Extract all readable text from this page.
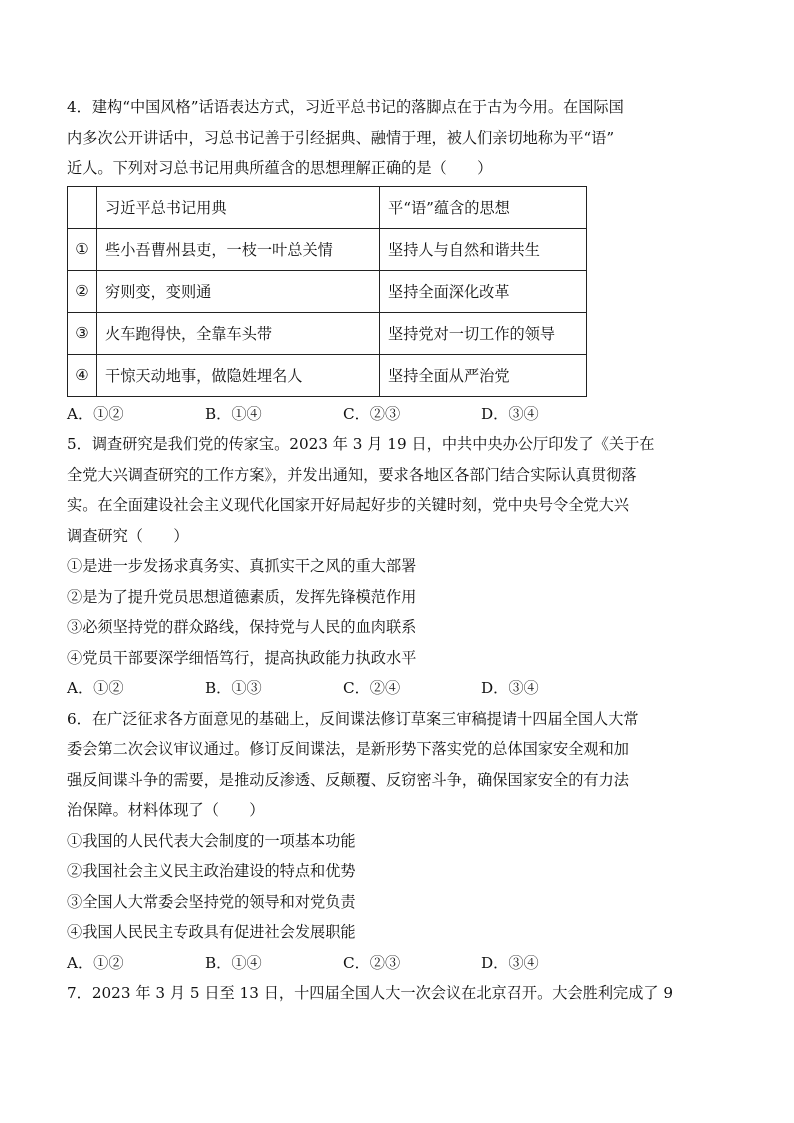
4．建构“中国风格”话语表达方式，习近平总书记的落脚点在于古为今用。在国际国

内多次公开讲话中，习总书记善于引经据典、融情于理，被人们亲切地称为平“语”

近人。下列对习总书记用典所蕴含的思想理解正确的是（　　）

	习近平总书记用典	平“语”蕴含的思想
①	些小吾曹州县吏，一枝一叶总关情	坚持人与自然和谐共生
②	穷则变，变则通	坚持全面深化改革
③	火车跑得快，全靠车头带	坚持党对一切工作的领导
④	干惊天动地事，做隐姓埋名人	坚持全面从严治党
A．①②	B．①④	C．②③	D．③④

5．调查研究是我们党的传家宝。2023 年 3 月 19 日，中共中央办公厅印发了《关于在

全党大兴调查研究的工作方案》，并发出通知，要求各地区各部门结合实际认真贯彻落

实。在全面建设社会主义现代化国家开好局起好步的关键时刻，党中央号令全党大兴

调查研究（　　）

①是进一步发扬求真务实、真抓实干之风的重大部署

②是为了提升党员思想道德素质，发挥先锋模范作用

③必须坚持党的群众路线，保持党与人民的血肉联系

④党员干部要深学细悟笃行，提高执政能力执政水平

A．①②	B．①③	C．②④	D．③④

6．在广泛征求各方面意见的基础上，反间谍法修订草案三审稿提请十四届全国人大常

委会第二次会议审议通过。修订反间谍法，是新形势下落实党的总体国家安全观和加

强反间谍斗争的需要，是推动反渗透、反颠覆、反窃密斗争，确保国家安全的有力法

治保障。材料体现了（　　）

①我国的人民代表大会制度的一项基本功能

②我国社会主义民主政治建设的特点和优势

③全国人大常委会坚持党的领导和对党负责

④我国人民民主专政具有促进社会发展职能

A．①②	B．①④	C．②③	D．③④

7．2023 年 3 月 5 日至 13 日，十四届全国人大一次会议在北京召开。大会胜利完成了 9
